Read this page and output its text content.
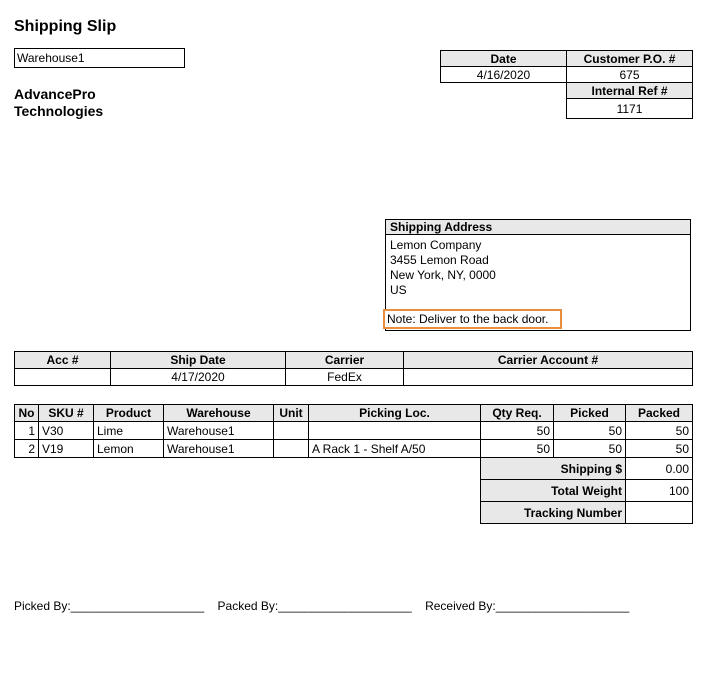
Shipping Slip
Warehouse1
AdvancePro
Technologies
Date	Customer P.O. #
4/16/2020	675
	Internal Ref #
	1171
Shipping Address
Lemon Company
3455 Lemon Road
New York, NY, 0000
US
Note: Deliver to the back door.
Acc #	Ship Date	Carrier	Carrier Account #
	4/17/2020	FedEx	
No	SKU #	Product	Warehouse	Unit	Picking Loc.	Qty Req.	Picked	Packed
1	V30	Lime	Warehouse1			50	50	50
2	V19	Lemon	Warehouse1		A Rack 1 - Shelf A/50	50	50	50
Shipping $	0.00
Total Weight	100
Tracking Number	
Picked By:____________________ Packed By:____________________ Received By:____________________
